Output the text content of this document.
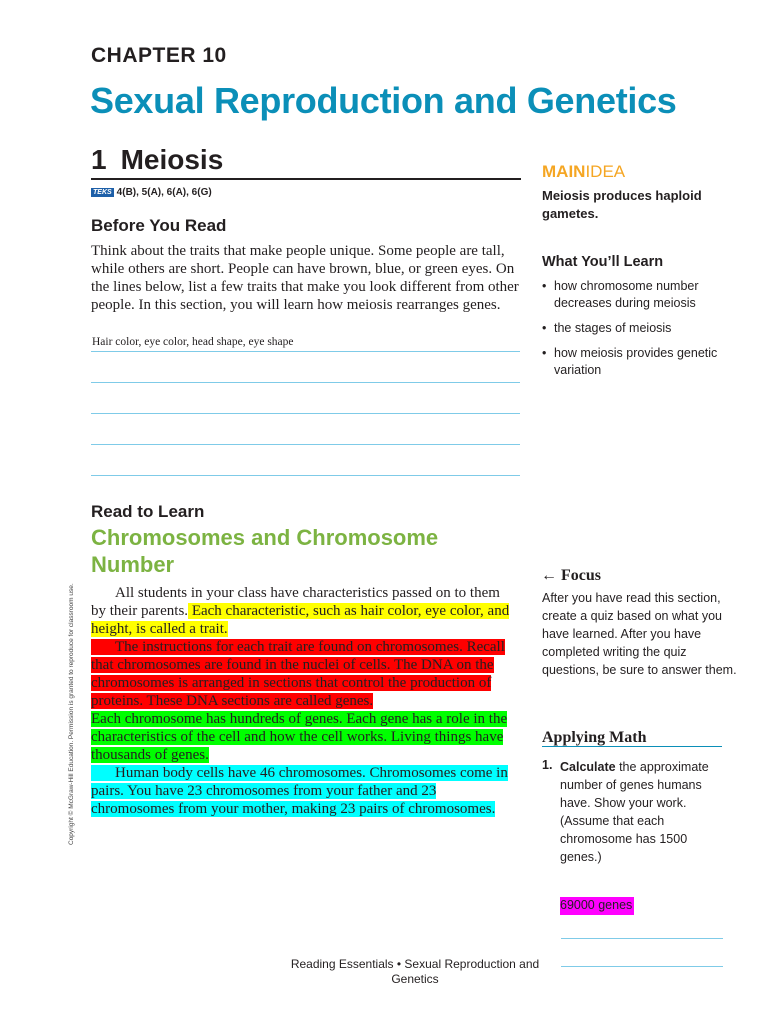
CHAPTER 10
Sexual Reproduction and Genetics
1 Meiosis
TEKS 4(B), 5(A), 6(A), 6(G)
Before You Read
Think about the traits that make people unique. Some people are tall, while others are short. People can have brown, blue, or green eyes. On the lines below, list a few traits that make you look different from other people. In this section, you will learn how meiosis rearranges genes.
Hair color, eye color, head shape, eye shape
Read to Learn
Chromosomes and Chromosome Number

All students in your class have characteristics passed on to them by their parents. Each characteristic, such as hair color, eye color, and height, is called a trait.

The instructions for each trait are found on chromosomes. Recall that chromosomes are found in the nuclei of cells. The DNA on the chromosomes is arranged in sections that control the production of proteins. These DNA sections are called genes.

Each chromosome has hundreds of genes. Each gene has a role in the characteristics of the cell and how the cell works. Living things have thousands of genes.

Human body cells have 46 chromosomes. Chromosomes come in pairs. You have 23 chromosomes from your father and 23 chromosomes from your mother, making 23 pairs of chromosomes.

Copyright © McGraw-Hill Education. Permission is granted to reproduce for classroom use.
MAINIDEA
Meiosis produces haploid gametes.
What You’ll Learn
• how chromosome number decreases during meiosis
• the stages of meiosis
• how meiosis provides genetic variation
← Focus
After you have read this section, create a quiz based on what you have learned. After you have completed writing the quiz questions, be sure to answer them.
Applying Math
1. Calculate the approximate number of genes humans have. Show your work. (Assume that each chromosome has 1500 genes.)
69000 genes
Reading Essentials • Sexual Reproduction and Genetics
